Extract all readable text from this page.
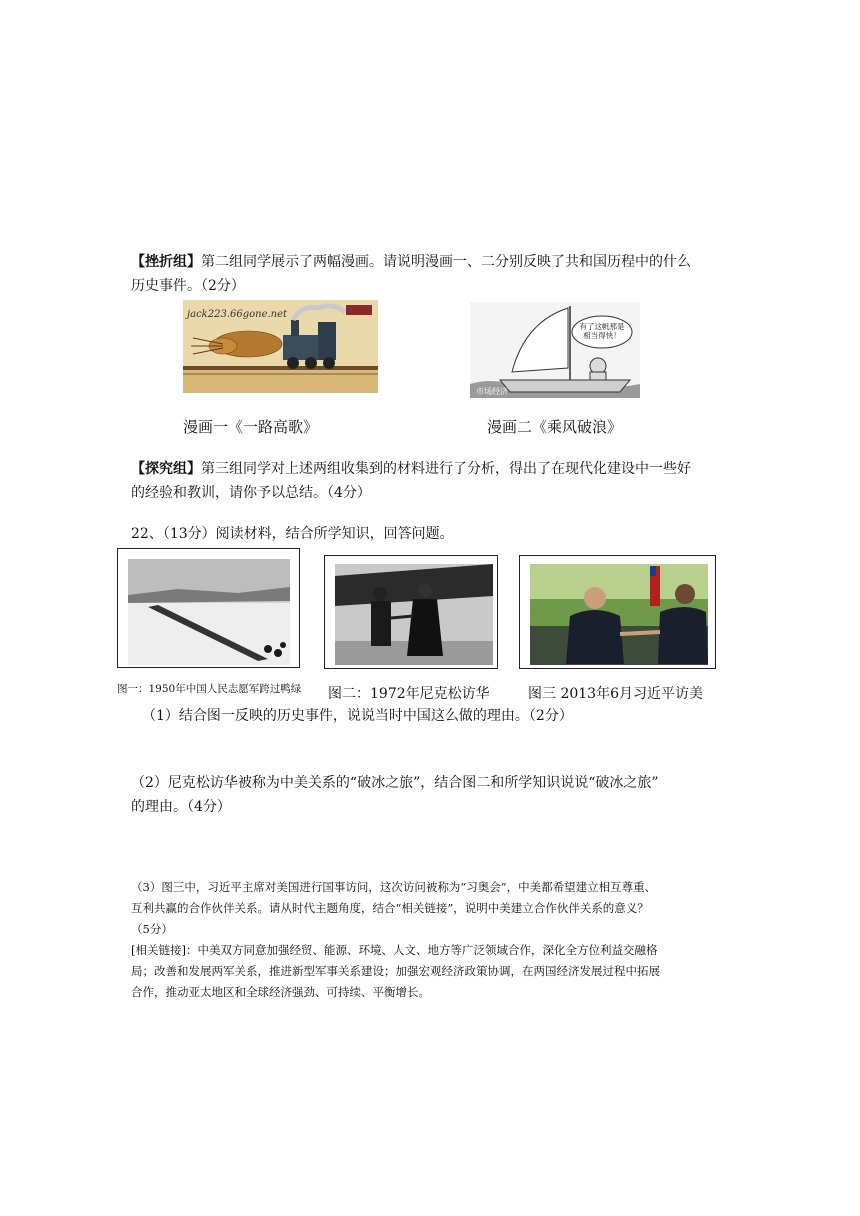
【挫折组】第二组同学展示了两幅漫画。请说明漫画一、二分别反映了共和国历程中的什么
历史事件。（2分）
jack223.66gone.net
有了这帆那是相当得快！
市场经济
漫画一《一路高歌》	漫画二《乘风破浪》
【探究组】第三组同学对上述两组收集到的材料进行了分析，得出了在现代化建设中一些好
的经验和教训，请你予以总结。（4分）
22、（13分）阅读材料，结合所学知识，回答问题。
图一：1950年中国人民志愿军跨过鸭绿 图二：1972年尼克松访华	图三 2013年6月习近平访美
（1）结合图一反映的历史事件，说说当时中国这么做的理由。（2分）
（2）尼克松访华被称为中美关系的“破冰之旅”，结合图二和所学知识说说“破冰之旅”
的理由。（4分）
（3）图三中，习近平主席对美国进行国事访问，这次访问被称为“习奥会”，中美都希望建立相互尊重、
互利共赢的合作伙伴关系。请从时代主题角度，结合“相关链接”，说明中美建立合作伙伴关系的意义？
（5分）
[相关链接]：中美双方同意加强经贸、能源、环境、人文、地方等广泛领域合作，深化全方位利益交融格
局；改善和发展两军关系，推进新型军事关系建设；加强宏观经济政策协调，在两国经济发展过程中拓展
合作，推动亚太地区和全球经济强劲、可持续、平衡增长。
